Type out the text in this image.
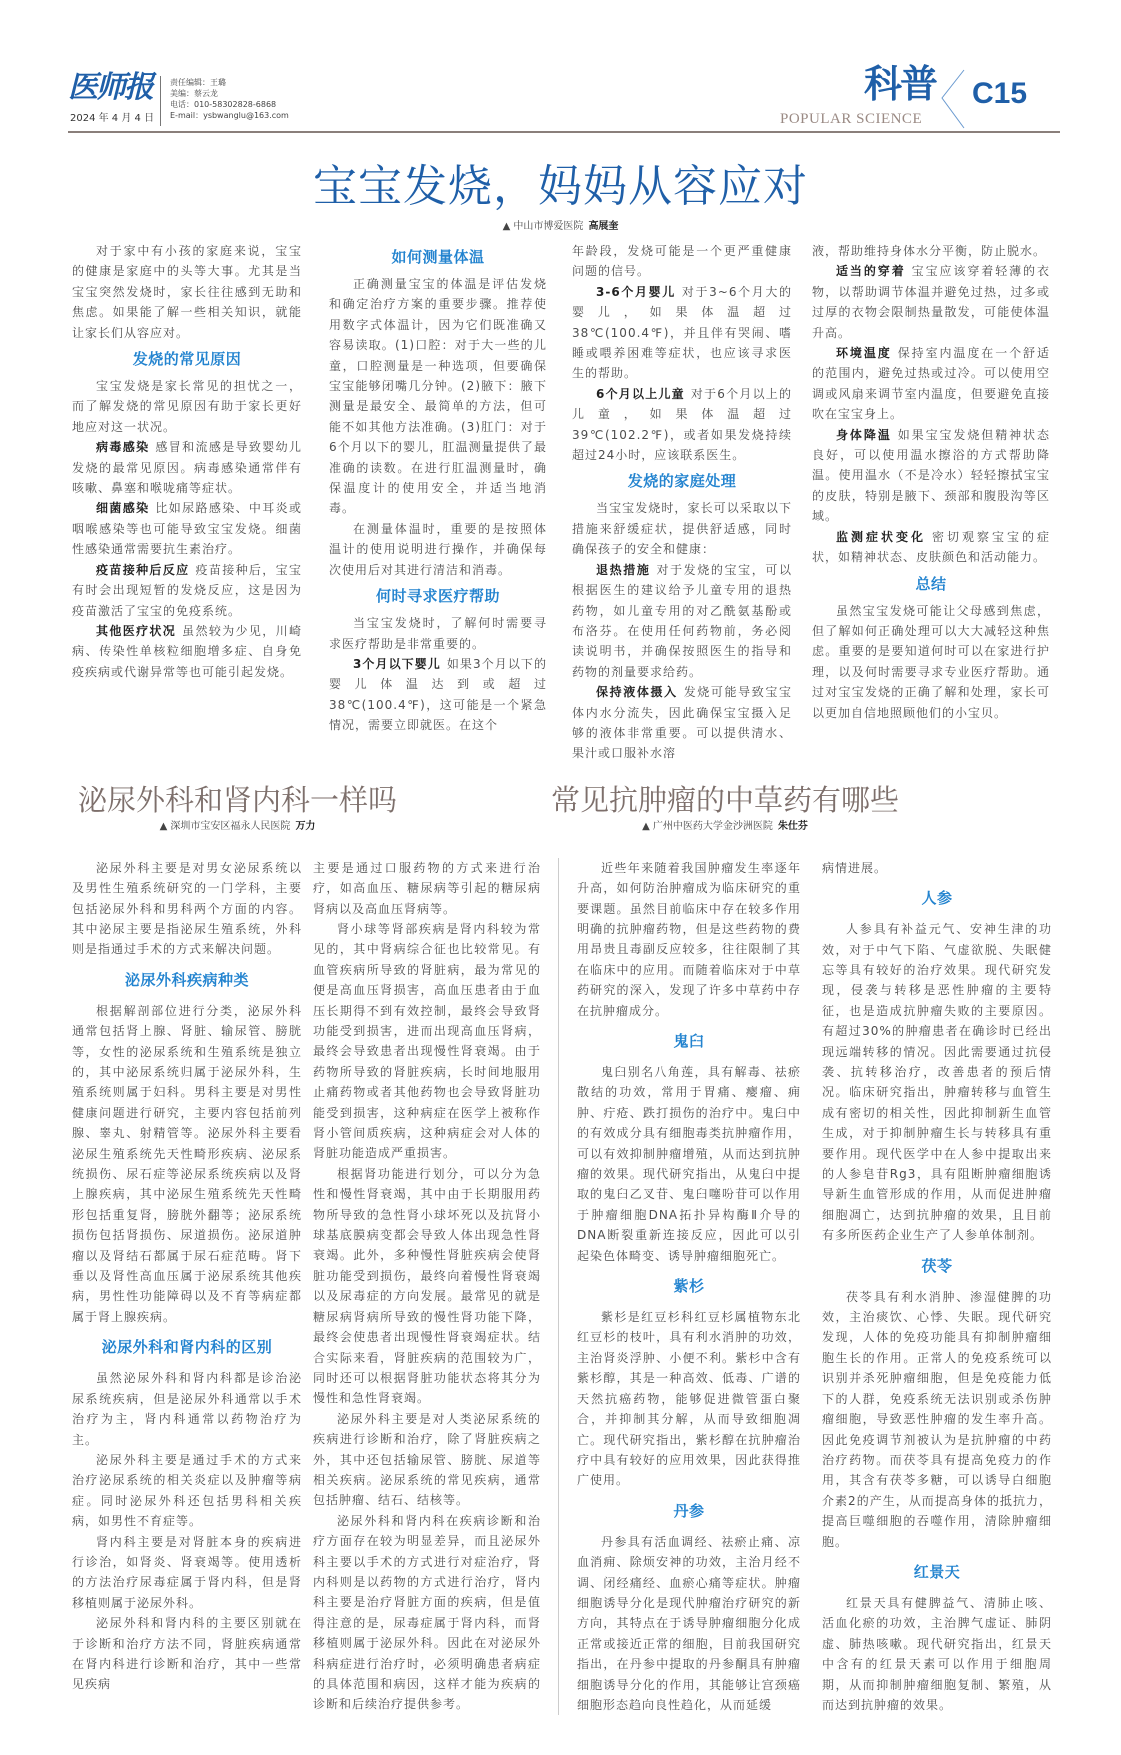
医师报
2024 年 4 月 4 日
责任编辑：王璐
美编：蔡云龙
电话：010-58302828-6868
E-mail：ysbwanglu@163.com
科普
POPULAR SCIENCE
C15
宝宝发烧，妈妈从容应对
▲ 中山市博爱医院 高展奎

对于家中有小孩的家庭来说，宝宝的健康是家庭中的头等大事。尤其是当宝宝突然发烧时，家长往往感到无助和焦虑。如果能了解一些相关知识，就能让家长们从容应对。

发烧的常见原因

宝宝发烧是家长常见的担忧之一，而了解发烧的常见原因有助于家长更好地应对这一状况。

病毒感染 感冒和流感是导致婴幼儿发烧的最常见原因。病毒感染通常伴有咳嗽、鼻塞和喉咙痛等症状。

细菌感染 比如尿路感染、中耳炎或咽喉感染等也可能导致宝宝发烧。细菌性感染通常需要抗生素治疗。

疫苗接种后反应 疫苗接种后，宝宝有时会出现短暂的发烧反应，这是因为疫苗激活了宝宝的免疫系统。

其他医疗状况 虽然较为少见，川崎病、传染性单核粒细胞增多症、自身免疫疾病或代谢异常等也可能引起发烧。

如何测量体温

正确测量宝宝的体温是评估发烧和确定治疗方案的重要步骤。推荐使用数字式体温计，因为它们既准确又容易读取。(1)口腔：对于大一些的儿童，口腔测量是一种选项，但要确保宝宝能够闭嘴几分钟。(2)腋下：腋下测量是最安全、最简单的方法，但可能不如其他方法准确。(3)肛门：对于6个月以下的婴儿，肛温测量提供了最准确的读数。在进行肛温测量时，确保温度计的使用安全，并适当地消毒。

在测量体温时，重要的是按照体温计的使用说明进行操作，并确保每次使用后对其进行清洁和消毒。

何时寻求医疗帮助

当宝宝发烧时，了解何时需要寻求医疗帮助是非常重要的。

3个月以下婴儿 如果3个月以下的婴儿体温达到或超过38℃(100.4℉)，这可能是一个紧急情况，需要立即就医。在这个

年龄段，发烧可能是一个更严重健康问题的信号。

3-6个月婴儿 对于3~6个月大的婴儿，如果体温超过38℃(100.4℉)，并且伴有哭闹、嗜睡或喂养困难等症状，也应该寻求医生的帮助。

6个月以上儿童 对于6个月以上的儿童，如果体温超过39℃(102.2℉)，或者如果发烧持续超过24小时，应该联系医生。

发烧的家庭处理

当宝宝发烧时，家长可以采取以下措施来舒缓症状，提供舒适感，同时确保孩子的安全和健康：

退热措施 对于发烧的宝宝，可以根据医生的建议给予儿童专用的退热药物，如儿童专用的对乙酰氨基酚或布洛芬。在使用任何药物前，务必阅读说明书，并确保按照医生的指导和药物的剂量要求给药。

保持液体摄入 发烧可能导致宝宝体内水分流失，因此确保宝宝摄入足够的液体非常重要。可以提供清水、果汁或口服补水溶

液，帮助维持身体水分平衡，防止脱水。

适当的穿着 宝宝应该穿着轻薄的衣物，以帮助调节体温并避免过热，过多或过厚的衣物会限制热量散发，可能使体温升高。

环境温度 保持室内温度在一个舒适的范围内，避免过热或过冷。可以使用空调或风扇来调节室内温度，但要避免直接吹在宝宝身上。

身体降温 如果宝宝发烧但精神状态良好，可以使用温水擦浴的方式帮助降温。使用温水（不是冷水）轻轻擦拭宝宝的皮肤，特别是腋下、颈部和腹股沟等区域。

监测症状变化 密切观察宝宝的症状，如精神状态、皮肤颜色和活动能力。

总结

虽然宝宝发烧可能让父母感到焦虑，但了解如何正确处理可以大大减轻这种焦虑。重要的是要知道何时可以在家进行护理，以及何时需要寻求专业医疗帮助。通过对宝宝发烧的正确了解和处理，家长可以更加自信地照顾他们的小宝贝。

泌尿外科和肾内科一样吗
▲ 深圳市宝安区福永人民医院 万力
常见抗肿瘤的中草药有哪些
▲ 广州中医药大学金沙洲医院 朱仕芬

泌尿外科主要是对男女泌尿系统以及男性生殖系统研究的一门学科，主要包括泌尿外科和男科两个方面的内容。其中泌尿主要是指泌尿生殖系统，外科则是指通过手术的方式来解决问题。

泌尿外科疾病种类

根据解剖部位进行分类，泌尿外科通常包括肾上腺、肾脏、输尿管、膀胱等，女性的泌尿系统和生殖系统是独立的，其中泌尿系统归属于泌尿外科，生殖系统则属于妇科。男科主要是对男性健康问题进行研究，主要内容包括前列腺、睾丸、射精管等。泌尿外科主要看泌尿生殖系统先天性畸形疾病、泌尿系统损伤、尿石症等泌尿系统疾病以及肾上腺疾病，其中泌尿生殖系统先天性畸形包括重复肾，膀胱外翻等；泌尿系统损伤包括肾损伤、尿道损伤。泌尿道肿瘤以及肾结石都属于尿石症范畴。肾下垂以及肾性高血压属于泌尿系统其他疾病，男性性功能障碍以及不育等病症都属于肾上腺疾病。

泌尿外科和肾内科的区别

虽然泌尿外科和肾内科都是诊治泌尿系统疾病，但是泌尿外科通常以手术治疗为主，肾内科通常以药物治疗为主。

泌尿外科主要是通过手术的方式来治疗泌尿系统的相关炎症以及肿瘤等病症。同时泌尿外科还包括男科相关疾病，如男性不育症等。

肾内科主要是对肾脏本身的疾病进行诊治，如肾炎、肾衰竭等。使用透析的方法治疗尿毒症属于肾内科，但是肾移植则属于泌尿外科。

泌尿外科和肾内科的主要区别就在于诊断和治疗方法不同，肾脏疾病通常在肾内科进行诊断和治疗，其中一些常见疾病

主要是通过口服药物的方式来进行治疗，如高血压、糖尿病等引起的糖尿病肾病以及高血压肾病等。

肾小球等肾部疾病是肾内科较为常见的，其中肾病综合征也比较常见。有血管疾病所导致的肾脏病，最为常见的便是高血压肾损害，高血压患者由于血压长期得不到有效控制，最终会导致肾功能受到损害，进而出现高血压肾病，最终会导致患者出现慢性肾衰竭。由于药物所导致的肾脏疾病，长时间地服用止痛药物或者其他药物也会导致肾脏功能受到损害，这种病症在医学上被称作肾小管间质疾病，这种病症会对人体的肾脏功能造成严重损害。

根据肾功能进行划分，可以分为急性和慢性肾衰竭，其中由于长期服用药物所导致的急性肾小球坏死以及抗肾小球基底膜病变都会导致人体出现急性肾衰竭。此外，多种慢性肾脏疾病会使肾脏功能受到损伤，最终向着慢性肾衰竭以及尿毒症的方向发展。最常见的就是糖尿病肾病所导致的慢性肾功能下降，最终会使患者出现慢性肾衰竭症状。结合实际来看，肾脏疾病的范围较为广，同时还可以根据肾脏功能状态将其分为慢性和急性肾衰竭。

泌尿外科主要是对人类泌尿系统的疾病进行诊断和治疗，除了肾脏疾病之外，其中还包括输尿管、膀胱、尿道等相关疾病。泌尿系统的常见疾病，通常包括肿瘤、结石、结核等。

泌尿外科和肾内科在疾病诊断和治疗方面存在较为明显差异，而且泌尿外科主要以手术的方式进行对症治疗，肾内科则是以药物的方式进行治疗，肾内科主要是治疗肾脏方面的疾病，但是值得注意的是，尿毒症属于肾内科，而肾移植则属于泌尿外科。因此在对泌尿外科病症进行治疗时，必须明确患者病症的具体范围和病因，这样才能为疾病的诊断和后续治疗提供参考。

近些年来随着我国肿瘤发生率逐年升高，如何防治肿瘤成为临床研究的重要课题。虽然目前临床中存在较多作用明确的抗肿瘤药物，但是这些药物的费用昂贵且毒副反应较多，往往限制了其在临床中的应用。而随着临床对于中草药研究的深入，发现了许多中草药中存在抗肿瘤成分。

鬼臼

鬼臼别名八角莲，具有解毒、祛瘀散结的功效，常用于胃痛、瘿瘤、痈肿、疔疮、跌打损伤的治疗中。鬼臼中的有效成分具有细胞毒类抗肿瘤作用，可以有效抑制肿瘤增殖，从而达到抗肿瘤的效果。现代研究指出，从鬼臼中提取的鬼臼乙叉苷、鬼臼噻吩苷可以作用于肿瘤细胞DNA拓扑异构酶Ⅱ介导的DNA断裂重新连接反应，因此可以引起染色体畸变、诱导肿瘤细胞死亡。

紫杉

紫杉是红豆杉科红豆杉属植物东北红豆杉的枝叶，具有利水消肿的功效，主治肾炎浮肿、小便不利。紫杉中含有紫杉醇，其是一种高效、低毒、广谱的天然抗癌药物，能够促进微管蛋白聚合，并抑制其分解，从而导致细胞凋亡。现代研究指出，紫杉醇在抗肿瘤治疗中具有较好的应用效果，因此获得推广使用。

丹参

丹参具有活血调经、祛瘀止痛、凉血消痈、除烦安神的功效，主治月经不调、闭经痛经、血瘀心痛等症状。肿瘤细胞诱导分化是现代肿瘤治疗研究的新方向，其特点在于诱导肿瘤细胞分化成正常或接近正常的细胞，目前我国研究指出，在丹参中提取的丹参酮具有肿瘤细胞诱导分化的作用，其能够让宫颈癌细胞形态趋向良性趋化，从而延缓

病情进展。

人参

人参具有补益元气、安神生津的功效，对于中气下陷、气虚欲脱、失眠健忘等具有较好的治疗效果。现代研究发现，侵袭与转移是恶性肿瘤的主要特征，也是造成抗肿瘤失败的主要原因。有超过30%的肿瘤患者在确诊时已经出现远端转移的情况。因此需要通过抗侵袭、抗转移治疗，改善患者的预后情况。临床研究指出，肿瘤转移与血管生成有密切的相关性，因此抑制新生血管生成，对于抑制肿瘤生长与转移具有重要作用。现代医学中在人参中提取出来的人参皂苷Rg3，具有阻断肿瘤细胞诱导新生血管形成的作用，从而促进肿瘤细胞凋亡，达到抗肿瘤的效果，且目前有多所医药企业生产了人参单体制剂。

茯苓

茯苓具有利水消肿、渗湿健脾的功效，主治痰饮、心悸、失眠。现代研究发现，人体的免疫功能具有抑制肿瘤细胞生长的作用。正常人的免疫系统可以识别并杀死肿瘤细胞，但是免疫能力低下的人群，免疫系统无法识别或杀伤肿瘤细胞，导致恶性肿瘤的发生率升高。因此免疫调节剂被认为是抗肿瘤的中药治疗药物。而茯苓具有提高免疫力的作用，其含有茯苓多糖，可以诱导白细胞介素2的产生，从而提高身体的抵抗力，提高巨噬细胞的吞噬作用，清除肿瘤细胞。

红景天

红景天具有健脾益气、清肺止咳、活血化瘀的功效，主治脾气虚证、肺阴虚、肺热咳嗽。现代研究指出，红景天中含有的红景天素可以作用于细胞周期，从而抑制肿瘤细胞复制、繁殖，从而达到抗肿瘤的效果。
